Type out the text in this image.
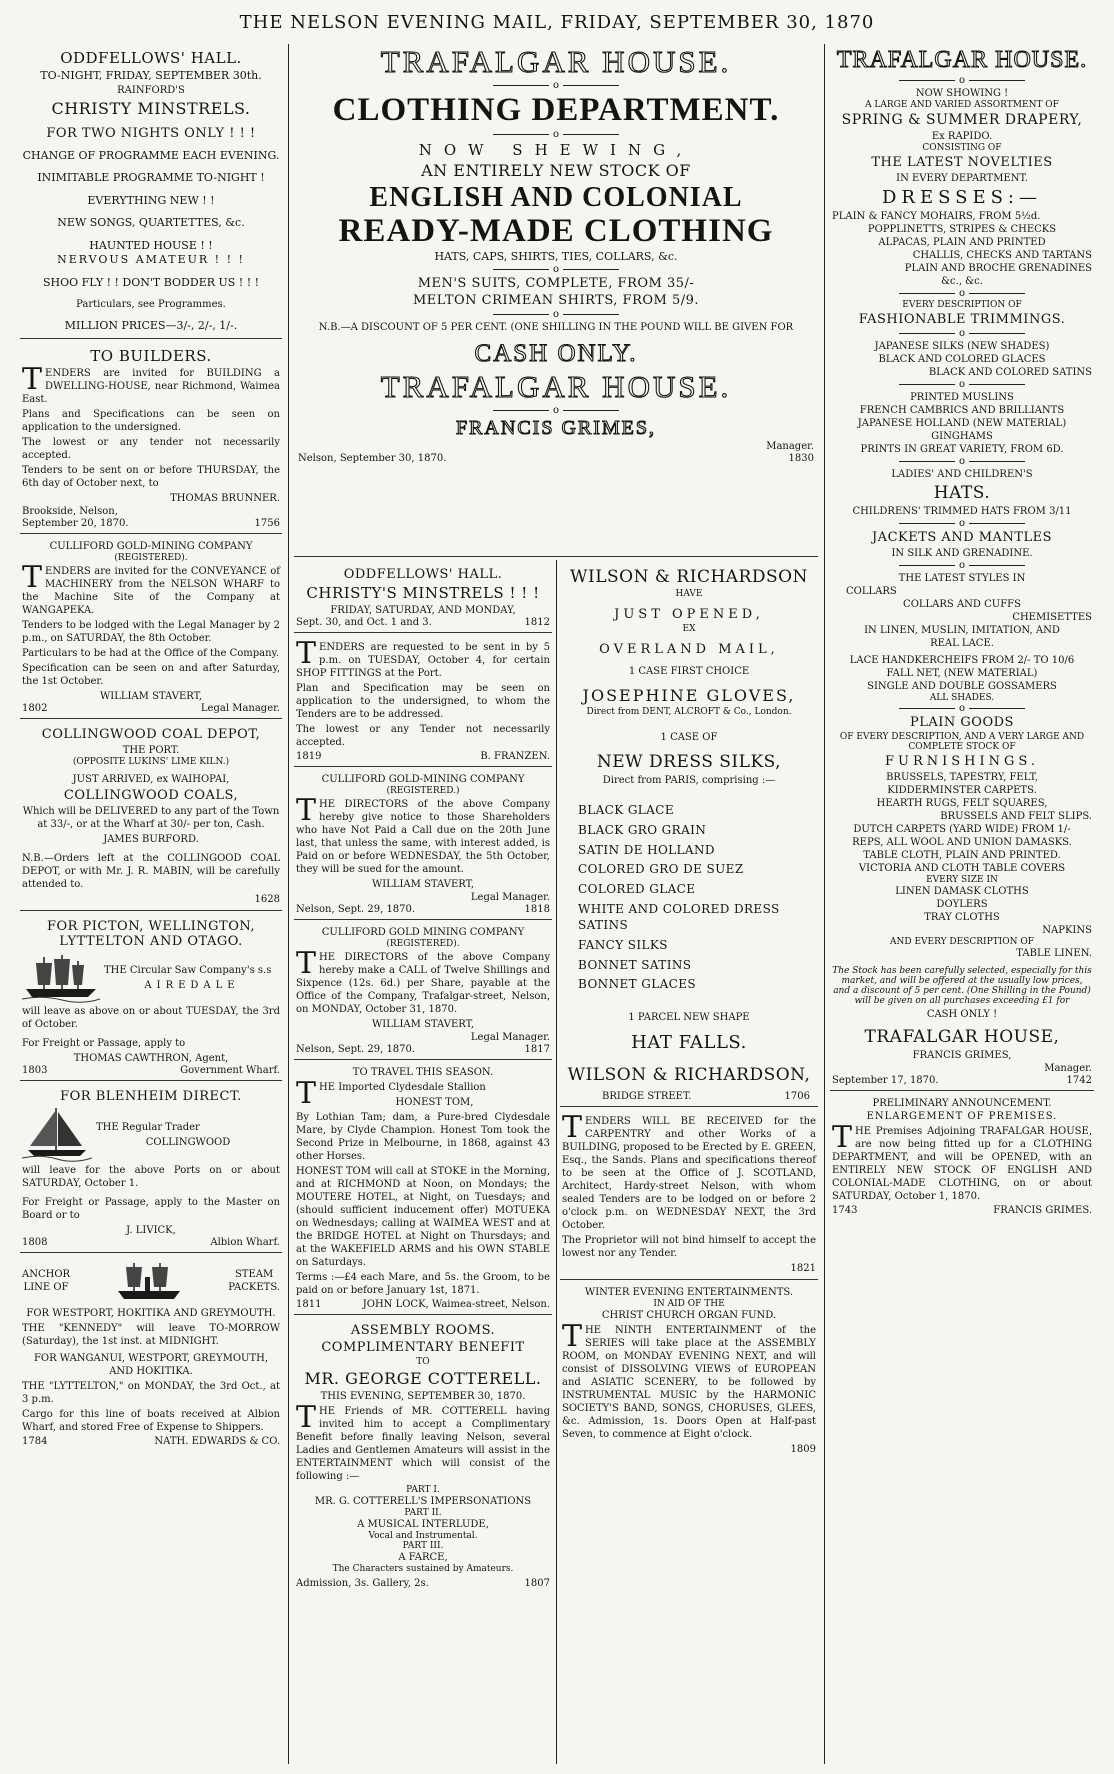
THE NELSON EVENING MAIL, FRIDAY, SEPTEMBER 30, 1870
ODDFELLOWS' HALL.
TO-NIGHT, FRIDAY, SEPTEMBER 30th.
RAINFORD'S
CHRISTY MINSTRELS.
FOR TWO NIGHTS ONLY ! ! !
CHANGE OF PROGRAMME EACH EVENING.
INIMITABLE PROGRAMME TO-NIGHT !
EVERYTHING NEW ! !
NEW SONGS, QUARTETTES, &c.
HAUNTED HOUSE ! !
NERVOUS AMATEUR ! ! !
SHOO FLY ! ! DON'T BODDER US ! ! !
Particulars, see Programmes.
MILLION PRICES—3/-, 2/-, 1/-.
TO BUILDERS.

TENDERS are invited for BUILDING a DWELLING-HOUSE, near Richmond, Waimea East.

Plans and Specifications can be seen on application to the undersigned.

The lowest or any tender not necessarily accepted.

Tenders to be sent on or before THURSDAY, the 6th day of October next, to

THOMAS BRUNNER.
Brookside, Nelson,
September 20, 1870.	1756
CULLIFORD GOLD-MINING COMPANY
(REGISTERED).

TENDERS are invited for the CONVEYANCE of MACHINERY from the NELSON WHARF to the Machine Site of the Company at WANGAPEKA.

Tenders to be lodged with the Legal Manager by 2 p.m., on SATURDAY, the 8th October.

Particulars to be had at the Office of the Company.

Specification can be seen on and after Saturday, the 1st October.

WILLIAM STAVERT,
1802	Legal Manager.
COLLINGWOOD COAL DEPOT,
THE PORT.
(OPPOSITE LUKINS' LIME KILN.)
JUST ARRIVED, ex WAIHOPAI,
COLLINGWOOD COALS,

Which will be DELIVERED to any part of the Town at 33/-, or at the Wharf at 30/- per ton, Cash.

JAMES BURFORD.

N.B.—Orders left at the COLLINGOOD COAL DEPOT, or with Mr. J. R. MABIN, will be carefully attended to.

1628
FOR PICTON, WELLINGTON, LYTTELTON AND OTAGO.

THE Circular Saw Company's s.s

AIREDALE

will leave as above on or about TUESDAY, the 3rd of October.

For Freight or Passage, apply to

THOMAS CAWTHRON, Agent,
1803	Government Wharf.
FOR BLENHEIM DIRECT.

THE Regular Trader

COLLINGWOOD

will leave for the above Ports on or about SATURDAY, October 1.

For Freight or Passage, apply to the Master on Board or to

J. LIVICK,
1808	Albion Wharf.
ANCHOR
LINE OF
STEAM
PACKETS.
FOR WESTPORT, HOKITIKA AND GREYMOUTH.

THE "KENNEDY" will leave TO-MORROW (Saturday), the 1st inst. at MIDNIGHT.

FOR WANGANUI, WESTPORT, GREYMOUTH, AND HOKITIKA.

THE "LYTTELTON," on MONDAY, the 3rd Oct., at 3 p.m.

Cargo for this line of boats received at Albion Wharf, and stored Free of Expense to Shippers.

1784	NATH. EDWARDS & CO.
TRAFALGAR HOUSE.
o
CLOTHING DEPARTMENT.
o
NOW SHEWING,
AN ENTIRELY NEW STOCK OF
ENGLISH AND COLONIAL
READY-MADE CLOTHING
HATS, CAPS, SHIRTS, TIES, COLLARS, &c.
o
MEN'S SUITS, COMPLETE, FROM 35/-
MELTON CRIMEAN SHIRTS, FROM 5/9.
o
N.B.—A DISCOUNT OF 5 PER CENT. (ONE SHILLING IN THE POUND WILL BE GIVEN FOR
CASH ONLY.
TRAFALGAR HOUSE.
o
FRANCIS GRIMES,
Manager.
Nelson, September 30, 1870.	1830
ODDFELLOWS' HALL.
CHRISTY'S MINSTRELS ! ! !
FRIDAY, SATURDAY, AND MONDAY,
Sept. 30, and Oct. 1 and 3.	1812

TENDERS are requested to be sent in by 5 p.m. on TUESDAY, October 4, for certain SHOP FITTINGS at the Port.

Plan and Specification may be seen on application to the undersigned, to whom the Tenders are to be addressed.

The lowest or any Tender not necessarily accepted.

1819	B. FRANZEN.
CULLIFORD GOLD-MINING COMPANY
(REGISTERED.)

THE DIRECTORS of the above Company hereby give notice to those Shareholders who have Not Paid a Call due on the 20th June last, that unless the same, with interest added, is Paid on or before WEDNESDAY, the 5th October, they will be sued for the amount.

WILLIAM STAVERT,
Legal Manager.
Nelson, Sept. 29, 1870.	1818
CULLIFORD GOLD MINING COMPANY
(REGISTERED).

THE DIRECTORS of the above Company hereby make a CALL of Twelve Shillings and Sixpence (12s. 6d.) per Share, payable at the Office of the Company, Trafalgar-street, Nelson, on MONDAY, October 31, 1870.

WILLIAM STAVERT,
Legal Manager.
Nelson, Sept. 29, 1870.	1817
TO TRAVEL THIS SEASON.

THE Imported Clydesdale Stallion

HONEST TOM,

By Lothian Tam; dam, a Pure-bred Clydesdale Mare, by Clyde Champion. Honest Tom took the Second Prize in Melbourne, in 1868, against 43 other Horses.

HONEST TOM will call at STOKE in the Morning, and at RICHMOND at Noon, on Mondays; the MOUTERE HOTEL, at Night, on Tuesdays; and (should sufficient inducement offer) MOTUEKA on Wednesdays; calling at WAIMEA WEST and at the BRIDGE HOTEL at Night on Thursdays; and at the WAKEFIELD ARMS and his OWN STABLE on Saturdays.

Terms :—£4 each Mare, and 5s. the Groom, to be paid on or before January 1st, 1871.

1811	JOHN LOCK, Waimea-street, Nelson.
ASSEMBLY ROOMS.
COMPLIMENTARY BENEFIT
TO
MR. GEORGE COTTERELL.
THIS EVENING, SEPTEMBER 30, 1870.

THE Friends of MR. COTTERELL having invited him to accept a Complimentary Benefit before finally leaving Nelson, several Ladies and Gentlemen Amateurs will assist in the ENTERTAINMENT which will consist of the following :—

PART I.
MR. G. COTTERELL'S IMPERSONATIONS
PART II.
A MUSICAL INTERLUDE,
Vocal and Instrumental.
PART III.
A FARCE,
The Characters sustained by Amateurs.
Admission, 3s. Gallery, 2s.	1807
WILSON & RICHARDSON
HAVE
JUST OPENED,
EX
OVERLAND MAIL,
1 CASE FIRST CHOICE
JOSEPHINE GLOVES,
Direct from DENT, ALCROFT & Co., London.
1 CASE OF
NEW DRESS SILKS,
Direct from PARIS, comprising :—
BLACK GLACE
BLACK GRO GRAIN
SATIN DE HOLLAND
COLORED GRO DE SUEZ
COLORED GLACE
WHITE AND COLORED DRESS SATINS
FANCY SILKS
BONNET SATINS
BONNET GLACES
1 PARCEL NEW SHAPE
HAT FALLS.
WILSON & RICHARDSON,
BRIDGE STREET.	1706

TENDERS WILL BE RECEIVED for the CARPENTRY and other Works of a BUILDING, proposed to be Erected by E. GREEN, Esq., the Sands. Plans and specifications thereof to be seen at the Office of J. SCOTLAND, Architect, Hardy-street Nelson, with whom sealed Tenders are to be lodged on or before 2 o'clock p.m. on WEDNESDAY NEXT, the 3rd October.

The Proprietor will not bind himself to accept the lowest nor any Tender.

1821
WINTER EVENING ENTERTAINMENTS.
IN AID OF THE
CHRIST CHURCH ORGAN FUND.

THE NINTH ENTERTAINMENT of the SERIES will take place at the ASSEMBLY ROOM, on MONDAY EVENING NEXT, and will consist of DISSOLVING VIEWS of EUROPEAN and ASIATIC SCENERY, to be followed by INSTRUMENTAL MUSIC by the HARMONIC SOCIETY'S BAND, SONGS, CHORUSES, GLEES, &c. Admission, 1s. Doors Open at Half-past Seven, to commence at Eight o'clock.

1809
TRAFALGAR HOUSE.
o
NOW SHOWING !
A LARGE AND VARIED ASSORTMENT OF
SPRING & SUMMER DRAPERY,
Ex RAPIDO.
CONSISTING OF
THE LATEST NOVELTIES
IN EVERY DEPARTMENT.
DRESSES:—
PLAIN & FANCY MOHAIRS, FROM 5½d.
POPPLINETTS, STRIPES & CHECKS
ALPACAS, PLAIN AND PRINTED
CHALLIS, CHECKS AND TARTANS
PLAIN AND BROCHE GRENADINES
&c., &c.
o
EVERY DESCRIPTION OF
FASHIONABLE TRIMMINGS.
o
JAPANESE SILKS (NEW SHADES)
BLACK AND COLORED GLACES
BLACK AND COLORED SATINS
o
PRINTED MUSLINS
FRENCH CAMBRICS AND BRILLIANTS
JAPANESE HOLLAND (NEW MATERIAL)
GINGHAMS
PRINTS IN GREAT VARIETY, FROM 6D.
o
LADIES' AND CHILDREN'S
HATS.
CHILDRENS' TRIMMED HATS FROM 3/11
o
JACKETS AND MANTLES
IN SILK AND GRENADINE.
o
THE LATEST STYLES IN
COLLARS
COLLARS AND CUFFS
CHEMISETTES
IN LINEN, MUSLIN, IMITATION, AND
REAL LACE.
LACE HANDKERCHEIFS FROM 2/- TO 10/6
FALL NET, (NEW MATERIAL)
SINGLE AND DOUBLE GOSSAMERS
ALL SHADES.
o
PLAIN GOODS
OF EVERY DESCRIPTION, AND A VERY LARGE AND COMPLETE STOCK OF
FURNISHINGS.
BRUSSELS, TAPESTRY, FELT,
KIDDERMINSTER CARPETS.
HEARTH RUGS, FELT SQUARES,
BRUSSELS AND FELT SLIPS.
DUTCH CARPETS (YARD WIDE) FROM 1/-
REPS, ALL WOOL AND UNION DAMASKS.
TABLE CLOTH, PLAIN AND PRINTED.
VICTORIA AND CLOTH TABLE COVERS
EVERY SIZE IN
LINEN DAMASK CLOTHS
DOYLERS
TRAY CLOTHS
NAPKINS
AND EVERY DESCRIPTION OF
TABLE LINEN.

The Stock has been carefully selected, especially for this market, and will be offered at the usually low prices, and a discount of 5 per cent. (One Shilling in the Pound) will be given on all purchases exceeding £1 for

CASH ONLY !
TRAFALGAR HOUSE,
FRANCIS GRIMES,
Manager.
September 17, 1870.	1742
PRELIMINARY ANNOUNCEMENT.
ENLARGEMENT OF PREMISES.

THE Premises Adjoining TRAFALGAR HOUSE, are now being fitted up for a CLOTHING DEPARTMENT, and will be OPENED, with an ENTIRELY NEW STOCK OF ENGLISH AND COLONIAL-MADE CLOTHING, on or about SATURDAY, October 1, 1870.

1743	FRANCIS GRIMES.
